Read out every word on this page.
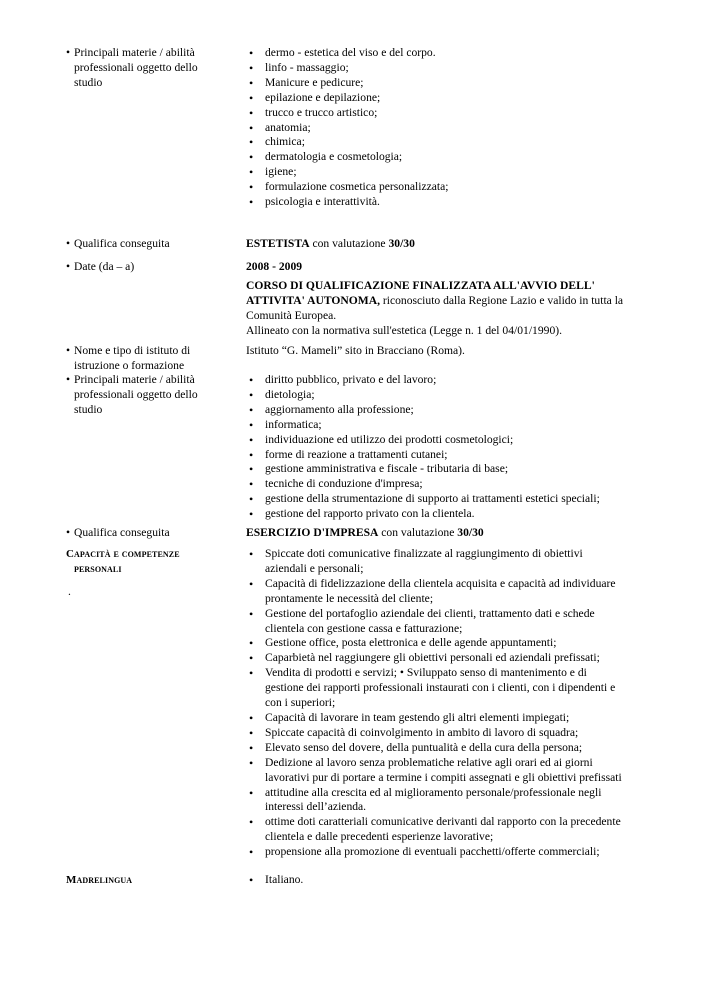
• Principali materie / abilità professionali oggetto dello studio
• dermo - estetica del viso e del corpo.
• linfo - massaggio;
• Manicure e pedicure;
• epilazione e depilazione;
• trucco e trucco artistico;
• anatomia;
• chimica;
• dermatologia e cosmetologia;
• igiene;
• formulazione cosmetica personalizzata;
• psicologia e interattività.
• Qualifica conseguita	ESTETISTA con valutazione 30/30
• Date (da – a)	2008 - 2009
CORSO DI QUALIFICAZIONE FINALIZZATA ALL'AVVIO DELL' ATTIVITA' AUTONOMA, riconosciuto dalla Regione Lazio e valido in tutta la Comunità Europea.
Allineato con la normativa sull'estetica (Legge n. 1 del 04/01/1990).
• Nome e tipo di istituto di istruzione o formazione
Istituto “G. Mameli” sito in Bracciano (Roma).
• Principali materie / abilità professionali oggetto dello studio
• diritto pubblico, privato e del lavoro;
• dietologia;
• aggiornamento alla professione;
• informatica;
• individuazione ed utilizzo dei prodotti cosmetologici;
• forme di reazione a trattamenti cutanei;
• gestione amministrativa e fiscale - tributaria di base;
• tecniche di conduzione d'impresa;
• gestione della strumentazione di supporto ai trattamenti estetici speciali;
• gestione del rapporto privato con la clientela.
• Qualifica conseguita	ESERCIZIO D'IMPRESA con valutazione 30/30
Capacità e competenze
personali
.
• Spiccate doti comunicative finalizzate al raggiungimento di obiettivi aziendali e personali;
• Capacità di fidelizzazione della clientela acquisita e capacità ad individuare prontamente le necessità del cliente;
• Gestione del portafoglio aziendale dei clienti, trattamento dati e schede clientela con gestione cassa e fatturazione;
• Gestione office, posta elettronica e delle agende appuntamenti;
• Caparbietà nel raggiungere gli obiettivi personali ed aziendali prefissati;
• Vendita di prodotti e servizi; • Sviluppato senso di mantenimento e di gestione dei rapporti professionali instaurati con i clienti, con i dipendenti e con i superiori;
• Capacità di lavorare in team gestendo gli altri elementi impiegati;
• Spiccate capacità di coinvolgimento in ambito di lavoro di squadra;
• Elevato senso del dovere, della puntualità e della cura della persona;
• Dedizione al lavoro senza problematiche relative agli orari ed ai giorni lavorativi pur di portare a termine i compiti assegnati e gli obiettivi prefissati
• attitudine alla crescita ed al miglioramento personale/professionale negli interessi dell’azienda.
• ottime doti caratteriali comunicative derivanti dal rapporto con la precedente clientela e dalle precedenti esperienze lavorative;
• propensione alla promozione di eventuali pacchetti/offerte commerciali;
Madrelingua
•	Italiano.
